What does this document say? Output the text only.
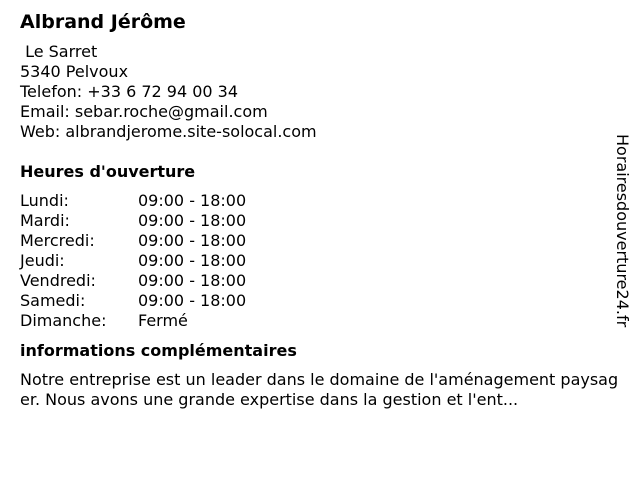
Albrand Jérôme
Le Sarret
5340 Pelvoux
Telefon: +33 6 72 94 00 34
Email: sebar.roche@gmail.com
Web: albrandjerome.site-solocal.com
Heures d'ouverture
Lundi:	09:00 - 18:00
Mardi:	09:00 - 18:00
Mercredi:	09:00 - 18:00
Jeudi:	09:00 - 18:00
Vendredi:	09:00 - 18:00
Samedi:	09:00 - 18:00
Dimanche:	Fermé
informations complémentaires
Notre entreprise est un leader dans le domaine de l'aménagement paysager. Nous avons une grande expertise dans la gestion et l'ent...
Horairesdouverture24.fr
